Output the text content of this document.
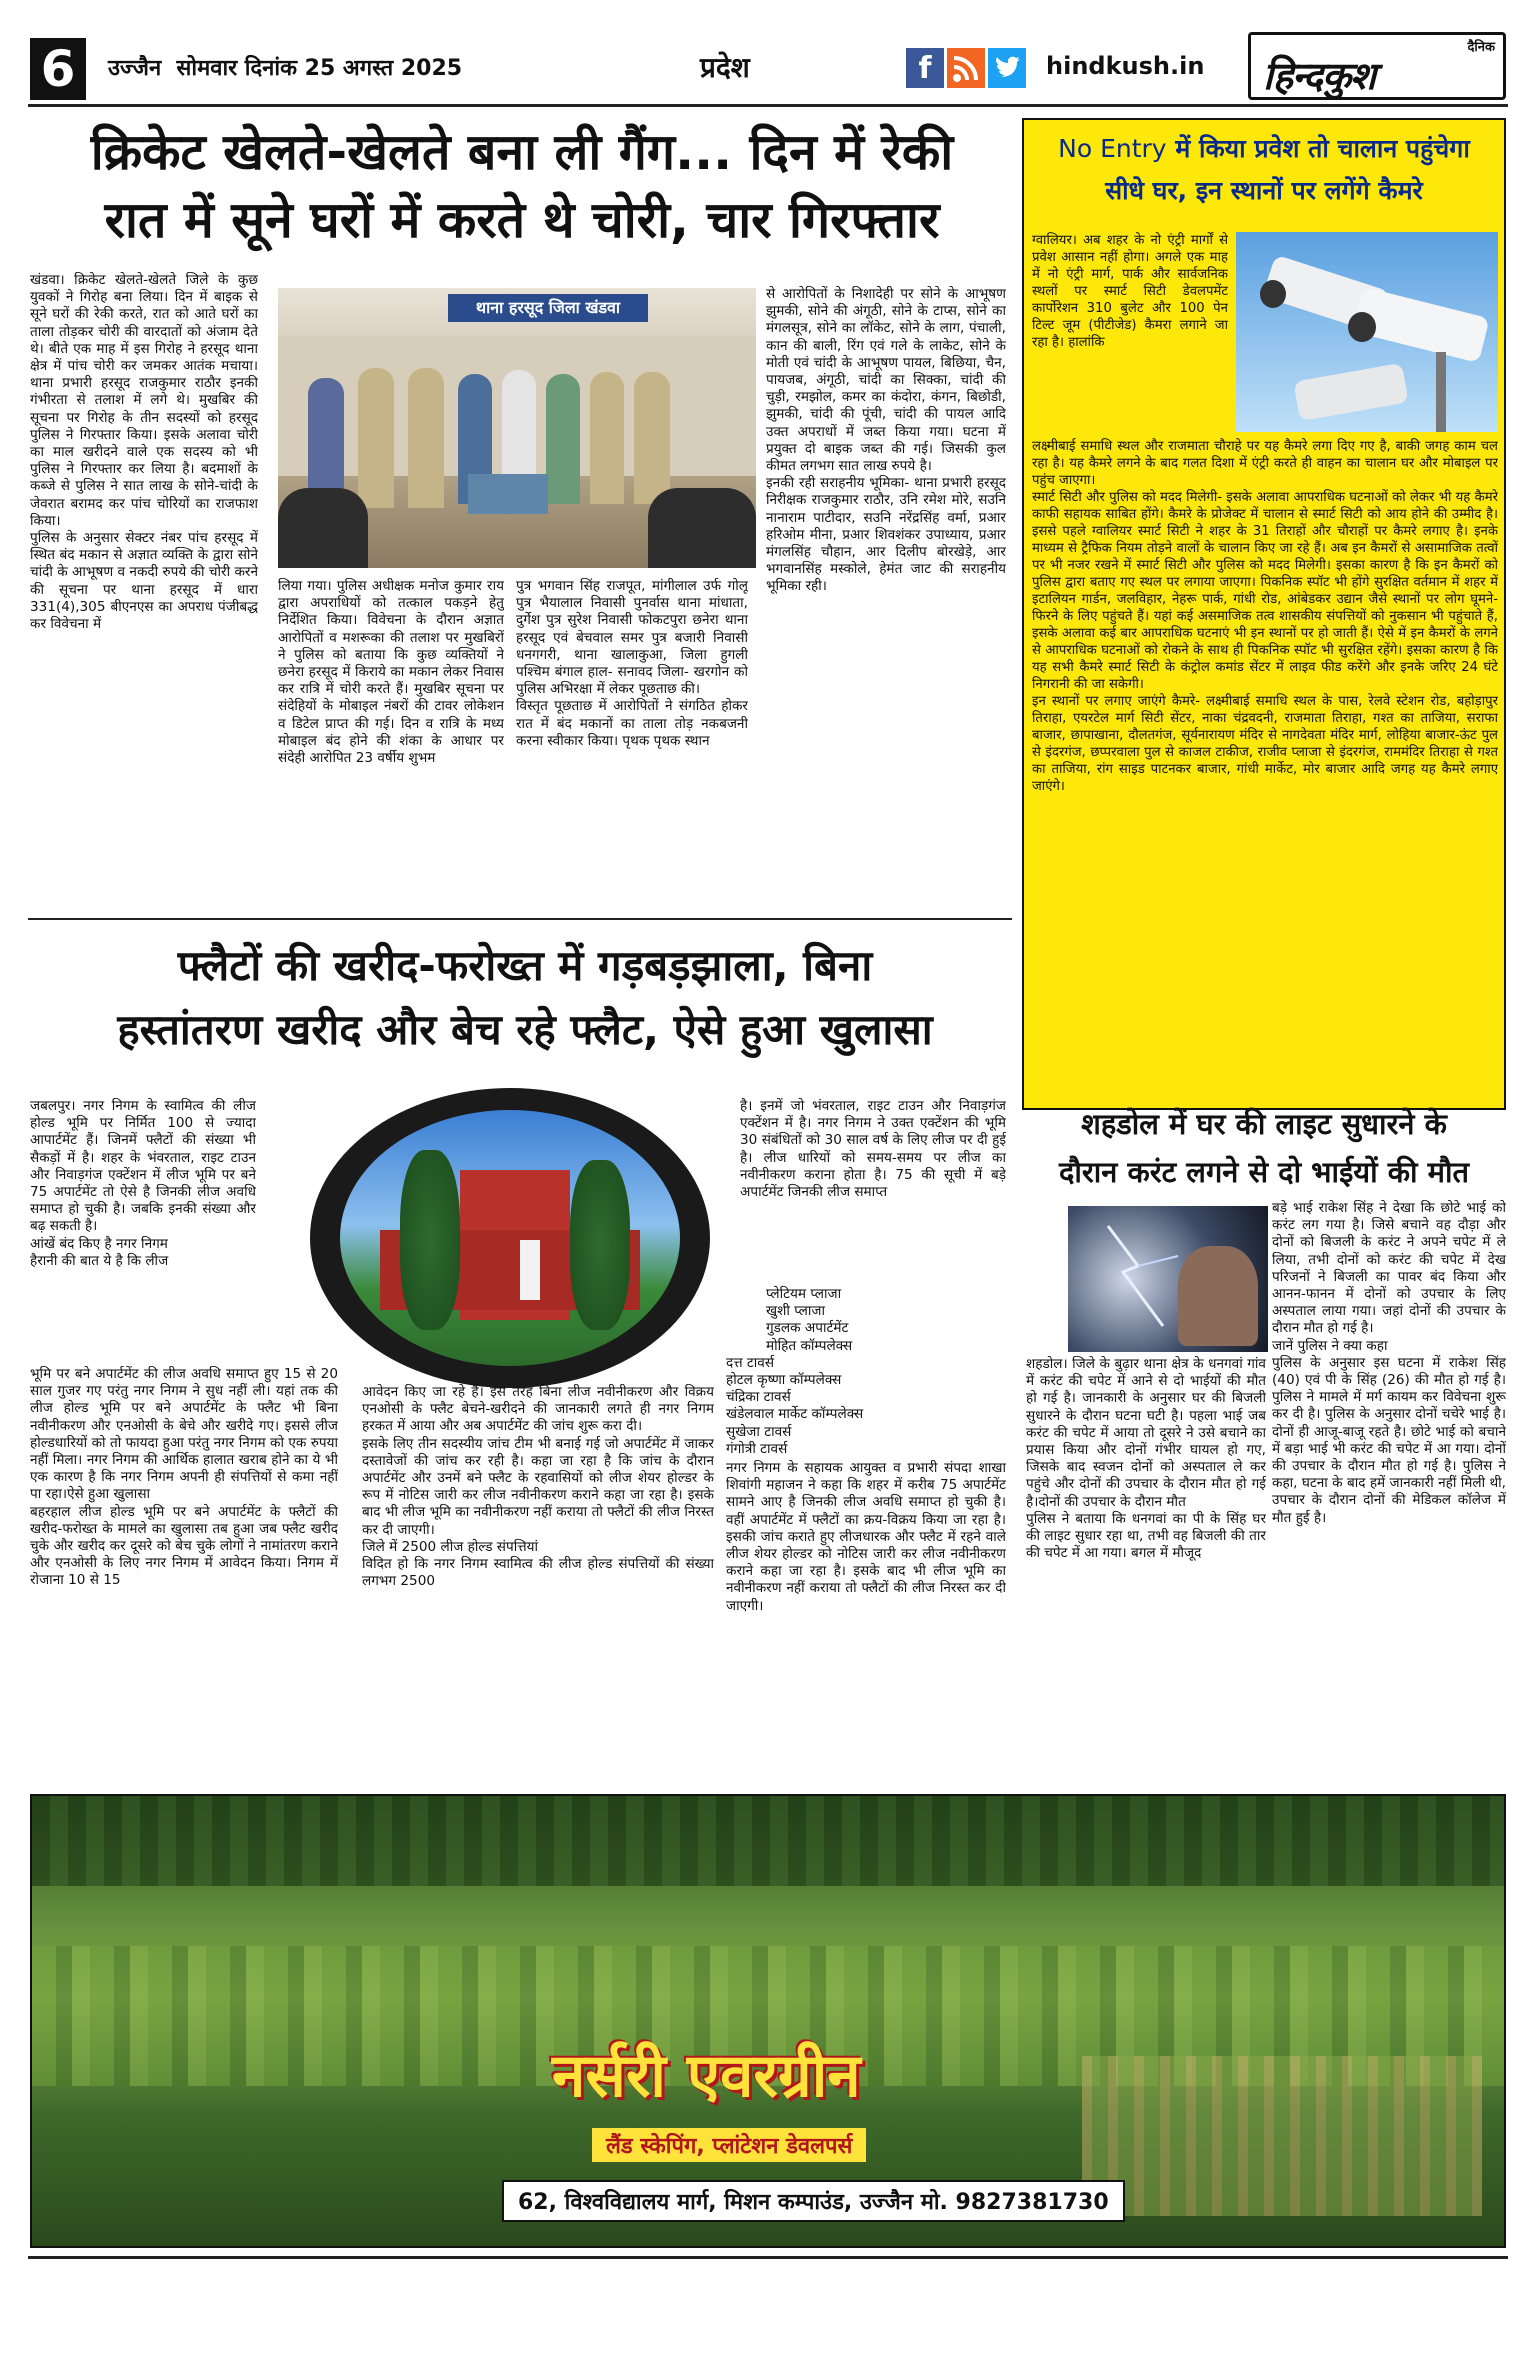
6	उज्जैन  सोमवार दिनांक 25 अगस्त 2025	प्रदेश	f	hindkush.in
दैनिक
हिन्दकुश
क्रिकेट खेलते-खेलते बना ली गैंग... दिन में रेकी
रात में सूने घरों में करते थे चोरी, चार गिरफ्तार
खंडवा। क्रिकेट खेलते-खेलते जिले के कुछ युवकों ने गिरोह बना लिया। दिन में बाइक से सूने घरों की रेकी करते, रात को आते घरों का ताला तोड़कर चोरी की वारदातों को अंजाम देते थे। बीते एक माह में इस गिरोह ने हरसूद थाना क्षेत्र में पांच चोरी कर जमकर आतंक मचाया। थाना प्रभारी हरसूद राजकुमार राठौर इनकी गंभीरता से तलाश में लगे थे। मुखबिर की सूचना पर गिरोह के तीन सदस्यों को हरसूद पुलिस ने गिरफ्तार किया। इसके अलावा चोरी का माल खरीदने वाले एक सदस्य को भी पुलिस ने गिरफ्तार कर लिया है। बदमाशों के कब्जे से पुलिस ने सात लाख के सोने-चांदी के जेवरात बरामद कर पांच चोरियों का राजफाश किया।
पुलिस के अनुसार सेक्टर नंबर पांच हरसूद में स्थित बंद मकान से अज्ञात व्यक्ति के द्वारा सोने चांदी के आभूषण व नकदी रुपये की चोरी करने की सूचना पर थाना हरसूद में धारा 331(4),305 बीएनएस का अपराध पंजीबद्ध कर विवेचना में
थाना हरसूद जिला खंडवा
लिया गया। पुलिस अधीक्षक मनोज कुमार राय द्वारा अपराधियों को तत्काल पकड़ने हेतु निर्देशित किया। विवेचना के दौरान अज्ञात आरोपितों व मशरूका की तलाश पर मुखबिरों ने पुलिस को बताया कि कुछ व्यक्तियों ने छनेरा हरसूद में किराये का मकान लेकर निवास कर रात्रि में चोरी करते हैं। मुखबिर सूचना पर संदेहियों के मोबाइल नंबरों की टावर लोकेशन व डिटेल प्राप्त की गई। दिन व रात्रि के मध्य मोबाइल बंद होने की शंका के आधार पर संदेही आरोपित 23 वर्षीय शुभम
पुत्र भगवान सिंह राजपूत, मांगीलाल उर्फ गोलू पुत्र भैयालाल निवासी पुनर्वास थाना मांधाता, दुर्गेश पुत्र सुरेश निवासी फोकटपुरा छनेरा थाना हरसूद एवं बेचवाल समर पुत्र बजारी निवासी धनगगरी, थाना खालाकुआ, जिला हुगली पश्चिम बंगाल हाल- सनावद जिला- खरगोन को पुलिस अभिरक्षा में लेकर पूछताछ की।
विस्तृत पूछताछ में आरोपितों ने संगठित होकर रात में बंद मकानों का ताला तोड़ नकबजनी करना स्वीकार किया। पृथक पृथक स्थान
से आरोपितों के निशादेही पर सोने के आभूषण झुमकी, सोने की अंगूठी, सोने के टाप्स, सोने का मंगलसूत्र, सोने का लॉकेट, सोने के लाग, पंचाली, कान की बाली, रिंग एवं गले के लाकेट, सोने के मोती एवं चांदी के आभूषण पायल, बिछिया, चैन, पायजब, अंगूठी, चांदी का सिक्का, चांदी की चुड़ी, रमझोल, कमर का कंदोरा, कंगन, बिछोडी, झुमकी, चांदी की पूंची, चांदी की पायल आदि उक्त अपराधों में जब्त किया गया। घटना में प्रयुक्त दो बाइक जब्त की गई। जिसकी कुल कीमत लगभग सात लाख रुपये है।
इनकी रही सराहनीय भूमिका- थाना प्रभारी हरसूद निरीक्षक राजकुमार राठौर, उनि रमेश मोरे, सउनि नानाराम पाटीदार, सउनि नरेंद्रसिंह वर्मा, प्रआर हरिओम मीना, प्रआर शिवशंकर उपाध्याय, प्रआर मंगलसिंह चौहान, आर दिलीप बोरखेड़े, आर भगवानसिंह मस्कोले, हेमंत जाट की सराहनीय भूमिका रही।
No Entry में किया प्रवेश तो चालान पहुंचेगा
सीधे घर, इन स्थानों पर लगेंगे कैमरे
ग्वालियर। अब शहर के नो एंट्री मार्गों से प्रवेश आसान नहीं होगा। अगले एक माह में नो एंट्री मार्ग, पार्क और सार्वजनिक स्थलों पर स्मार्ट सिटी डेवलपमेंट कार्पोरेशन 310 बुलेट और 100 पेन टिल्ट जूम (पीटीजेड) कैमरा लगाने जा रहा है। हालांकि
लक्ष्मीबाई समाधि स्थल और राजमाता चौराहे पर यह कैमरे लगा दिए गए है, बाकी जगह काम चल रहा है। यह कैमरे लगने के बाद गलत दिशा में एंट्री करते ही वाहन का चालान घर और मोबाइल पर पहुंच जाएगा।
स्मार्ट सिटी और पुलिस को मदद मिलेगी- इसके अलावा आपराधिक घटनाओं को लेकर भी यह कैमरे काफी सहायक साबित होंगे। कैमरे के प्रोजेक्ट में चालान से स्मार्ट सिटी को आय होने की उम्मीद है। इससे पहले ग्वालियर स्मार्ट सिटी ने शहर के 31 तिराहों और चौराहों पर कैमरे लगाए है। इनके माध्यम से ट्रैफिक नियम तोड़ने वालों के चालान किए जा रहे हैं। अब इन कैमरों से असामाजिक तत्वों पर भी नजर रखने में स्मार्ट सिटी और पुलिस को मदद मिलेगी। इसका कारण है कि इन कैमरों को पुलिस द्वारा बताए गए स्थल पर लगाया जाएगा। पिकनिक स्पॉट भी होंगे सुरक्षित वर्तमान में शहर में इटालियन गार्डन, जलविहार, नेहरू पार्क, गांधी रोड, आंबेडकर उद्यान जैसे स्थानों पर लोग घूमने-फिरने के लिए पहुंचते हैं। यहां कई असमाजिक तत्व शासकीय संपत्तियों को नुकसान भी पहुंचाते हैं, इसके अलावा कई बार आपराधिक घटनाएं भी इन स्थानों पर हो जाती हैं। ऐसे में इन कैमरों के लगने से आपराधिक घटनाओं को रोकने के साथ ही पिकनिक स्पॉट भी सुरक्षित रहेंगे। इसका कारण है कि यह सभी कैमरे स्मार्ट सिटी के कंट्रोल कमांड सेंटर में लाइव फीड करेंगे और इनके जरिए 24 घंटे निगरानी की जा सकेगी।
इन स्थानों पर लगाए जाएंगे कैमरे- लक्ष्मीबाई समाधि स्थल के पास, रेलवे स्टेशन रोड, बहोड़ापुर तिराहा, एयरटेल मार्ग सिटी सेंटर, नाका चंद्रवदनी, राजमाता तिराहा, गश्त का ताजिया, सराफा बाजार, छापाखाना, दौलतगंज, सूर्यनारायण मंदिर से नागदेवता मंदिर मार्ग, लोहिया बाजार-ऊंट पुल से इंदरगंज, छप्परवाला पुल से काजल टाकीज, राजीव प्लाजा से इंदरगंज, राममंदिर तिराहा से गश्त का ताजिया, रांग साइड पाटनकर बाजार, गांधी मार्केट, मोर बाजार आदि जगह यह कैमरे लगाए जाएंगे।
फ्लैटों की खरीद-फरोख्त में गड़बड़झाला, बिना
हस्तांतरण खरीद और बेच रहे फ्लैट, ऐसे हुआ खुलासा
जबलपुर। नगर निगम के स्वामित्व की लीज होल्ड भूमि पर निर्मित 100 से ज्यादा आपार्टमेंट हैं। जिनमें फ्लैटों की संख्या भी सैकड़ों में है। शहर के भंवरताल, राइट टाउन और निवाड़गंज एक्टेंशन में लीज भूमि पर बने 75 अपार्टमेंट तो ऐसे है जिनकी लीज अवधि समाप्त हो चुकी है। जबकि इनकी संख्या और बढ़ सकती है।
आंखें बंद किए है नगर निगम
हैरानी की बात ये है कि लीज
भूमि पर बने अपार्टमेंट की लीज अवधि समाप्त हुए 15 से 20 साल गुजर गए परंतु नगर निगम ने सुध नहीं ली। यहां तक की लीज होल्ड भूमि पर बने अपार्टमेंट के फ्लैट भी बिना नवीनीकरण और एनओसी के बेचे और खरीदे गए। इससे लीज होल्डधारियों को तो फायदा हुआ परंतु नगर निगम को एक रुपया नहीं मिला। नगर निगम की आर्थिक हालात खराब होने का ये भी एक कारण है कि नगर निगम अपनी ही संपत्तियों से कमा नहीं पा रहा।ऐसे हुआ खुलासा
बहरहाल लीज होल्ड भूमि पर बने अपार्टमेंट के फ्लैटों की खरीद-फरोख्त के मामले का खुलासा तब हुआ जब फ्लैट खरीद चुके और खरीद कर दूसरे को बेच चुके लोगों ने नामांतरण कराने और एनओसी के लिए नगर निगम में आवेदन किया। निगम में रोजाना 10 से 15
आवेदन किए जा रहे हैं। इस तरह बिना लीज नवीनीकरण और विक्रय एनओसी के फ्लैट बेचने-खरीदने की जानकारी लगते ही नगर निगम हरकत में आया और अब अपार्टमेंट की जांच शुरू करा दी।
इसके लिए तीन सदस्यीय जांच टीम भी बनाई गई जो अपार्टमेंट में जाकर दस्तावेजों की जांच कर रही है। कहा जा रहा है कि जांच के दौरान अपार्टमेंट और उनमें बने फ्लैट के रहवासियों को लीज शेयर होल्डर के रूप में नोटिस जारी कर लीज नवीनीकरण कराने कहा जा रहा है। इसके बाद भी लीज भूमि का नवीनीकरण नहीं कराया तो फ्लैटों की लीज निरस्त कर दी जाएगी।
जिले में 2500 लीज होल्ड संपत्तियां
विदित हो कि नगर निगम स्वामित्व की लीज होल्ड संपत्तियों की संख्या लगभग 2500
है। इनमें जो भंवरताल, राइट टाउन और निवाड़गंज एक्टेंशन में है। नगर निगम ने उक्त एक्टेंशन की भूमि 30 संबंधितों को 30 साल वर्ष के लिए लीज पर दी हुई है। लीज धारियों को समय-समय पर लीज का नवीनीकरण कराना होता है। 75 की सूची में बड़े अपार्टमेंट जिनकी लीज समाप्त
प्लेटियम प्लाजा
खुशी प्लाजा
गुडलक अपार्टमेंट
मोहित कॉम्पलेक्स
दत्त टावर्स
होटल कृष्णा कॉम्पलेक्स
चंद्रिका टावर्स
खंडेलवाल मार्केट कॉम्पलेक्स
सुखेजा टावर्स
गंगोत्री टावर्स
नगर निगम के सहायक आयुक्त व प्रभारी संपदा शाखा शिवांगी महाजन ने कहा कि शहर में करीब 75 अपार्टमेंट सामने आए है जिनकी लीज अवधि समाप्त हो चुकी है। वहीं अपार्टमेंट में फ्लैटों का क्रय-विक्रय किया जा रहा है। इसकी जांच कराते हुए लीजधारक और फ्लैट में रहने वाले लीज शेयर होल्डर को नोटिस जारी कर लीज नवीनीकरण कराने कहा जा रहा है। इसके बाद भी लीज भूमि का नवीनीकरण नहीं कराया तो फ्लैटों की लीज निरस्त कर दी जाएगी।
शहडोल में घर की लाइट सुधारने के
दौरान करंट लगने से दो भाईयों की मौत
शहडोल। जिले के बुढ़ार थाना क्षेत्र के धनगवां गांव में करंट की चपेट में आने से दो भाईयों की मौत हो गई है। जानकारी के अनुसार घर की बिजली सुधारने के दौरान घटना घटी है। पहला भाई जब करंट की चपेट में आया तो दूसरे ने उसे बचाने का प्रयास किया और दोनों गंभीर घायल हो गए, जिसके बाद स्वजन दोनों को अस्पताल ले कर पहुंचे और दोनों की उपचार के दौरान मौत हो गई है।दोनों की उपचार के दौरान मौत
पुलिस ने बताया कि धनगवां का पी के सिंह घर की लाइट सुधार रहा था, तभी वह बिजली की तार की चपेट में आ गया। बगल में मौजूद
बड़े भाई राकेश सिंह ने देखा कि छोटे भाई को करंट लग गया है। जिसे बचाने वह दौड़ा और दोनों को बिजली के करंट ने अपने चपेट में ले लिया, तभी दोनों को करंट की चपेट में देख परिजनों ने बिजली का पावर बंद किया और आनन-फानन में दोनों को उपचार के लिए अस्पताल लाया गया। जहां दोनों की उपचार के दौरान मौत हो गई है।
जानें पुलिस ने क्या कहा
पुलिस के अनुसार इस घटना में राकेश सिंह (40) एवं पी के सिंह (26) की मौत हो गई है। पुलिस ने मामले में मर्ग कायम कर विवेचना शुरू कर दी है। पुलिस के अनुसार दोनों चचेरे भाई है। दोनों ही आजू-बाजू रहते है। छोटे भाई को बचाने में बड़ा भाई भी करंट की चपेट में आ गया। दोनों की उपचार के दौरान मौत हो गई है। पुलिस ने कहा, घटना के बाद हमें जानकारी नहीं मिली थी, उपचार के दौरान दोनों की मेडिकल कॉलेज में मौत हुई है।
नर्सरी एवरग्रीन
लैंड स्केपिंग, प्लांटेशन डेवलपर्स
62, विश्वविद्यालय मार्ग, मिशन कम्पाउंड, उज्जैन मो. 9827381730
